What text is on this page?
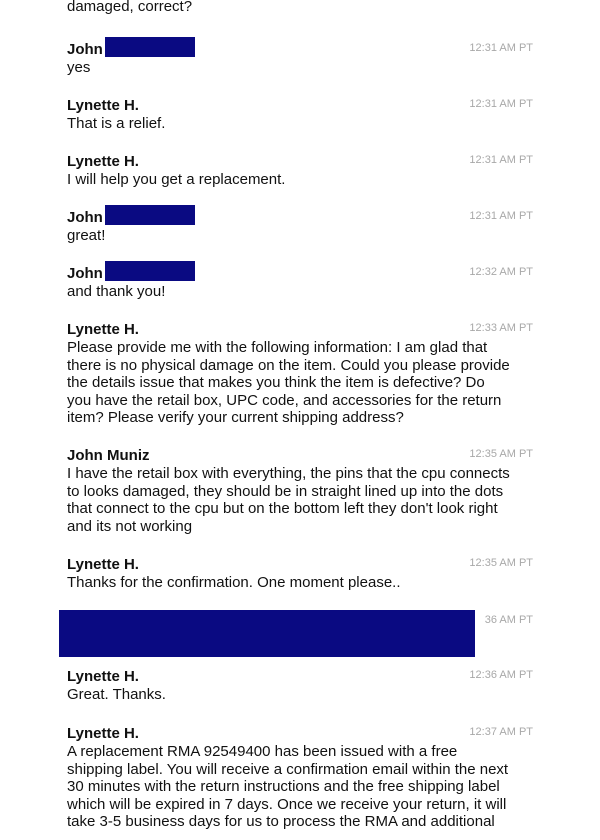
damaged, correct?
John	12:31 AM PT
yes
Lynette H.	12:31 AM PT
That is a relief.
Lynette H.	12:31 AM PT
I will help you get a replacement.
John	12:31 AM PT
great!
John	12:32 AM PT
and thank you!
Lynette H.	12:33 AM PT
Please provide me with the following information: I am glad that
there is no physical damage on the item. Could you please provide
the details issue that makes you think the item is defective? Do
you have the retail box, UPC code, and accessories for the return
item? Please verify your current shipping address?
John Muniz	12:35 AM PT
I have the retail box with everything, the pins that the cpu connects
to looks damaged, they should be in straight lined up into the dots
that connect to the cpu but on the bottom left they don't look right
and its not working
Lynette H.	12:35 AM PT
Thanks for the confirmation. One moment please..
36 AM PT
Lynette H.	12:36 AM PT
Great. Thanks.
Lynette H.	12:37 AM PT
A replacement RMA 92549400 has been issued with a free
shipping label. You will receive a confirmation email within the next
30 minutes with the return instructions and the free shipping label
which will be expired in 7 days. Once we receive your return, it will
take 3-5 business days for us to process the RMA and additional
